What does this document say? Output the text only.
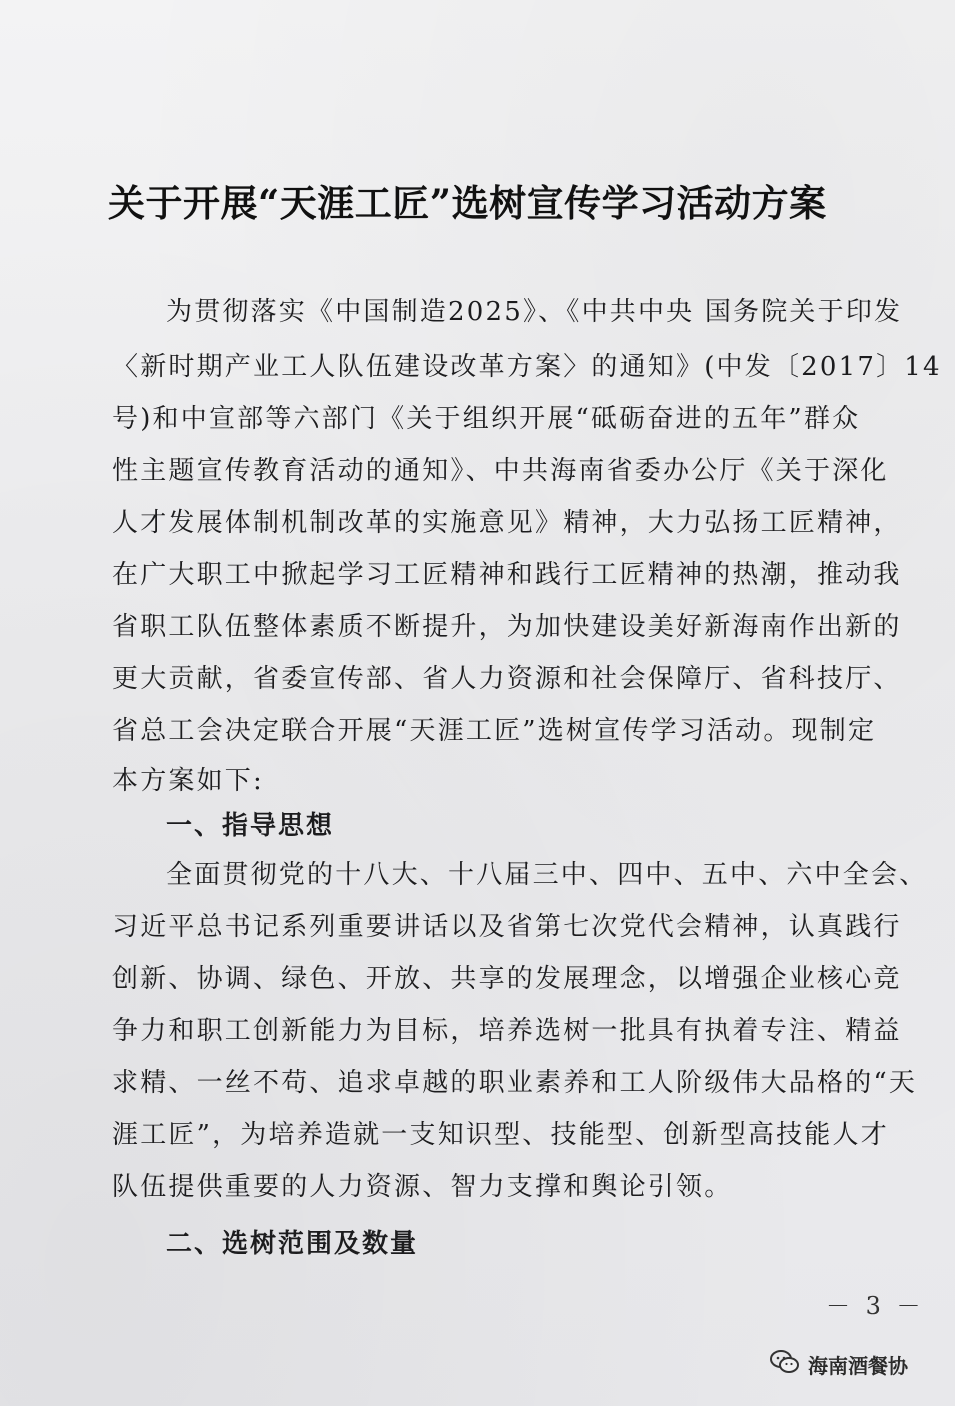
关于开展“天涯工匠”选树宣传学习活动方案
为贯彻落实《中国制造2025》、《中共中央 国务院关于印发
〈新时期产业工人队伍建设改革方案〉的通知》(中发〔2017〕14
号)和中宣部等六部门《关于组织开展“砥砺奋进的五年”群众
性主题宣传教育活动的通知》、中共海南省委办公厅《关于深化
人才发展体制机制改革的实施意见》精神，大力弘扬工匠精神，
在广大职工中掀起学习工匠精神和践行工匠精神的热潮，推动我
省职工队伍整体素质不断提升，为加快建设美好新海南作出新的
更大贡献，省委宣传部、省人力资源和社会保障厅、省科技厅、
省总工会决定联合开展“天涯工匠”选树宣传学习活动。现制定
本方案如下:
一、指导思想
全面贯彻党的十八大、十八届三中、四中、五中、六中全会、
习近平总书记系列重要讲话以及省第七次党代会精神，认真践行
创新、协调、绿色、开放、共享的发展理念，以增强企业核心竞
争力和职工创新能力为目标，培养选树一批具有执着专注、精益
求精、一丝不苟、追求卓越的职业素养和工人阶级伟大品格的“天
涯工匠”，为培养造就一支知识型、技能型、创新型高技能人才
队伍提供重要的人力资源、智力支撑和舆论引领。
二、选树范围及数量
－ 3 －
海南酒餐协
